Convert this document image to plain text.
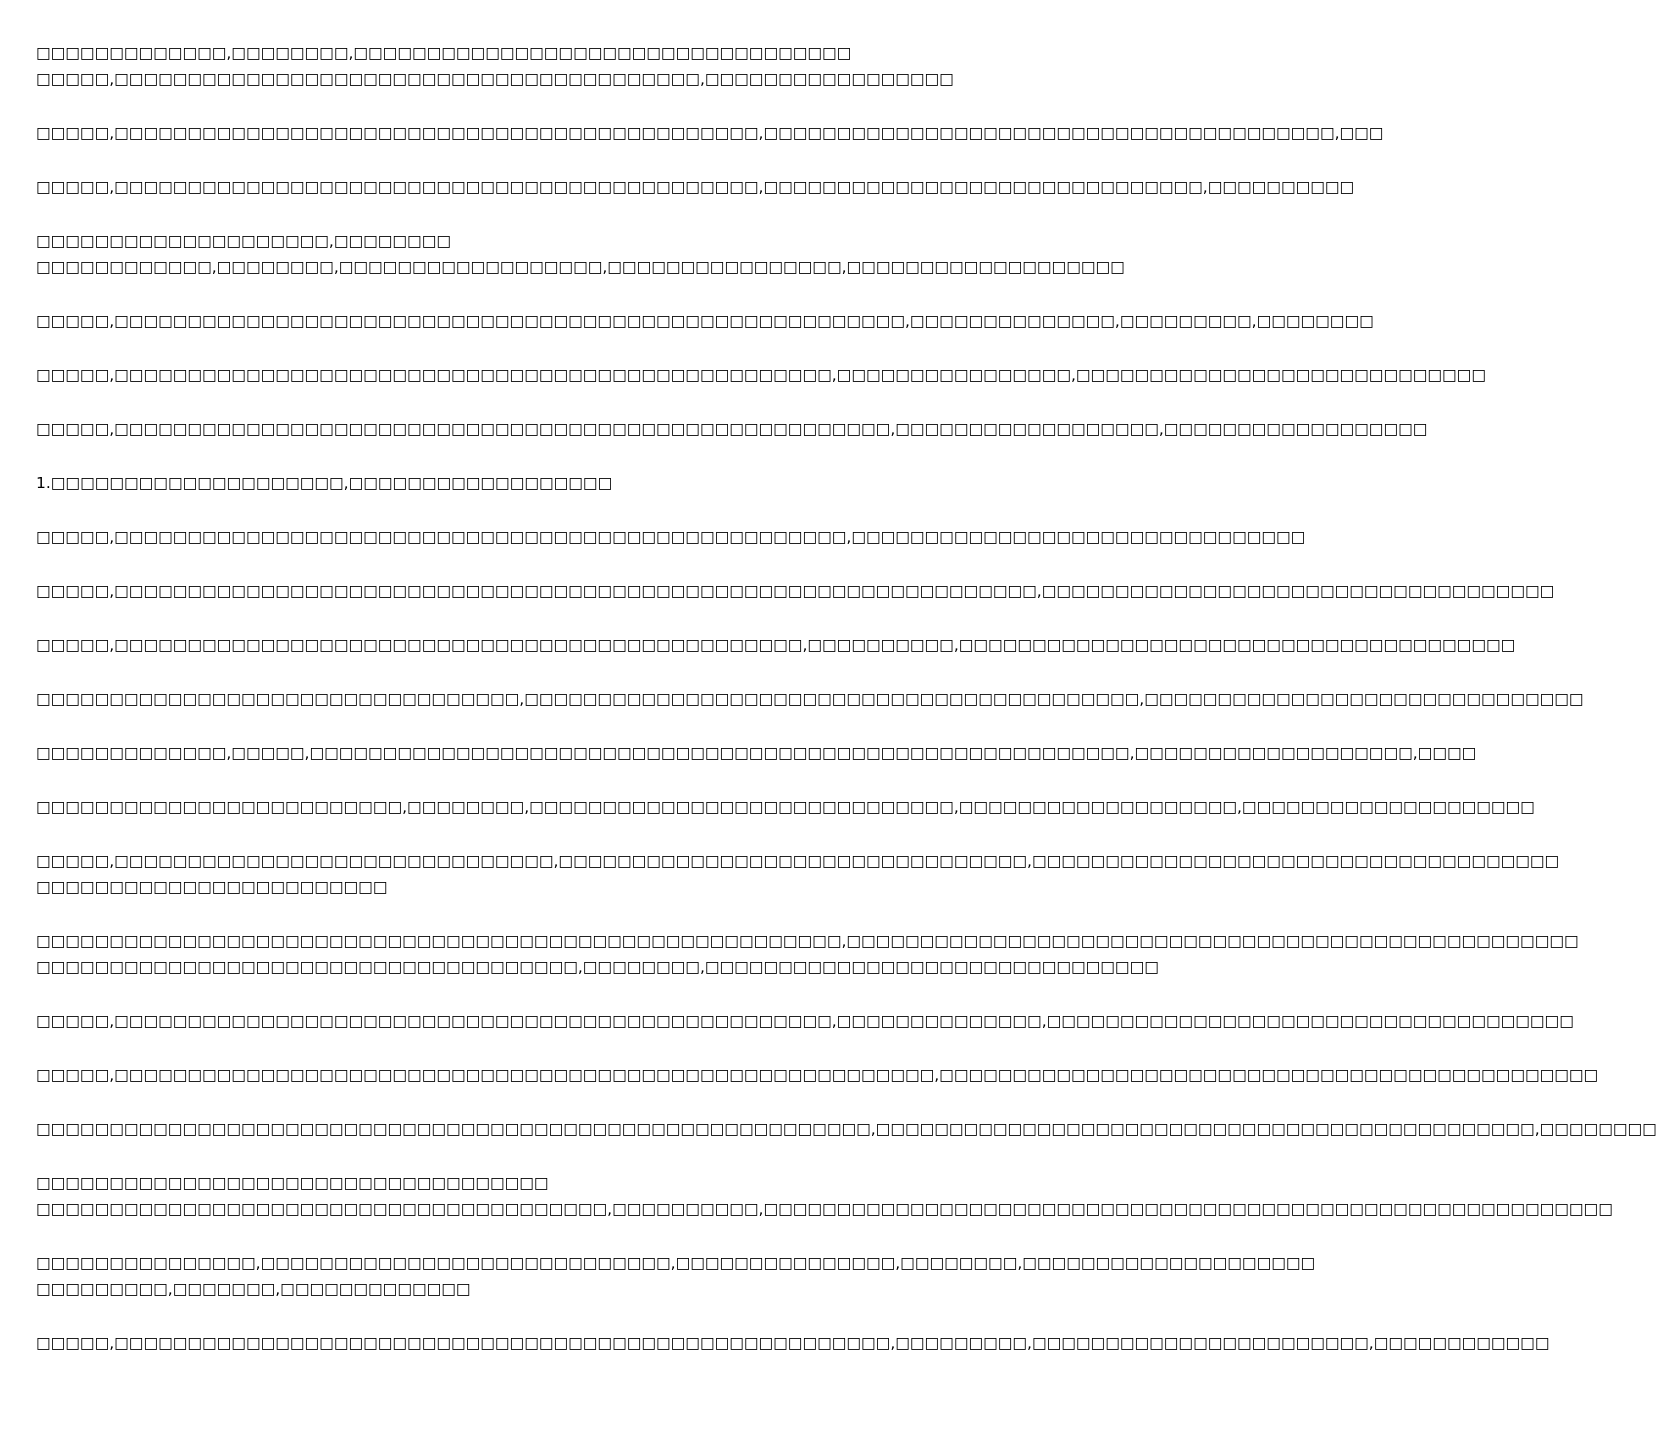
□□□□□□□□□□□□□,□□□□□□□□,□□□□□□□□□□□□□□□□□□□□□□□□□□□□□□□□□□
□□□□□,□□□□□□□□□□□□□□□□□□□□□□□□□□□□□□□□□□□□□□□□,□□□□□□□□□□□□□□□□□

□□□□□,□□□□□□□□□□□□□□□□□□□□□□□□□□□□□□□□□□□□□□□□□□□□,□□□□□□□□□□□□□□□□□□□□□□□□□□□□□□□□□□□□□□□,□□□

□□□□□,□□□□□□□□□□□□□□□□□□□□□□□□□□□□□□□□□□□□□□□□□□□□,□□□□□□□□□□□□□□□□□□□□□□□□□□□□□□,□□□□□□□□□□

□□□□□□□□□□□□□□□□□□□□,□□□□□□□□
□□□□□□□□□□□□,□□□□□□□□,□□□□□□□□□□□□□□□□□□,□□□□□□□□□□□□□□□□,□□□□□□□□□□□□□□□□□□□

□□□□□,□□□□□□□□□□□□□□□□□□□□□□□□□□□□□□□□□□□□□□□□□□□□□□□□□□□□□□,□□□□□□□□□□□□□□,□□□□□□□□□,□□□□□□□□

□□□□□,□□□□□□□□□□□□□□□□□□□□□□□□□□□□□□□□□□□□□□□□□□□□□□□□□,□□□□□□□□□□□□□□□□,□□□□□□□□□□□□□□□□□□□□□□□□□□□□

□□□□□,□□□□□□□□□□□□□□□□□□□□□□□□□□□□□□□□□□□□□□□□□□□□□□□□□□□□□,□□□□□□□□□□□□□□□□□□,□□□□□□□□□□□□□□□□□□

1.□□□□□□□□□□□□□□□□□□□□,□□□□□□□□□□□□□□□□□□

□□□□□,□□□□□□□□□□□□□□□□□□□□□□□□□□□□□□□□□□□□□□□□□□□□□□□□□□,□□□□□□□□□□□□□□□□□□□□□□□□□□□□□□□

□□□□□,□□□□□□□□□□□□□□□□□□□□□□□□□□□□□□□□□□□□□□□□□□□□□□□□□□□□□□□□□□□□□□□,□□□□□□□□□□□□□□□□□□□□□□□□□□□□□□□□□□□

□□□□□,□□□□□□□□□□□□□□□□□□□□□□□□□□□□□□□□□□□□□□□□□□□□□□□,□□□□□□□□□□,□□□□□□□□□□□□□□□□□□□□□□□□□□□□□□□□□□□□□□

□□□□□□□□□□□□□□□□□□□□□□□□□□□□□□□□□,□□□□□□□□□□□□□□□□□□□□□□□□□□□□□□□□□□□□□□□□□□,□□□□□□□□□□□□□□□□□□□□□□□□□□□□□□

□□□□□□□□□□□□□,□□□□□,□□□□□□□□□□□□□□□□□□□□□□□□□□□□□□□□□□□□□□□□□□□□□□□□□□□□□□□□,□□□□□□□□□□□□□□□□□□□,□□□□

□□□□□□□□□□□□□□□□□□□□□□□□□,□□□□□□□□,□□□□□□□□□□□□□□□□□□□□□□□□□□□□□,□□□□□□□□□□□□□□□□□□□,□□□□□□□□□□□□□□□□□□□□

□□□□□,□□□□□□□□□□□□□□□□□□□□□□□□□□□□□□,□□□□□□□□□□□□□□□□□□□□□□□□□□□□□□□□,□□□□□□□□□□□□□□□□□□□□□□□□□□□□□□□□□□□□
□□□□□□□□□□□□□□□□□□□□□□□□

□□□□□□□□□□□□□□□□□□□□□□□□□□□□□□□□□□□□□□□□□□□□□□□□□□□□□□□,□□□□□□□□□□□□□□□□□□□□□□□□□□□□□□□□□□□□□□□□□□□□□□□□□□
□□□□□□□□□□□□□□□□□□□□□□□□□□□□□□□□□□□□□,□□□□□□□□,□□□□□□□□□□□□□□□□□□□□□□□□□□□□□□□

□□□□□,□□□□□□□□□□□□□□□□□□□□□□□□□□□□□□□□□□□□□□□□□□□□□□□□□,□□□□□□□□□□□□□□,□□□□□□□□□□□□□□□□□□□□□□□□□□□□□□□□□□□□

□□□□□,□□□□□□□□□□□□□□□□□□□□□□□□□□□□□□□□□□□□□□□□□□□□□□□□□□□□□□□□,□□□□□□□□□□□□□□□□□□□□□□□□□□□□□□□□□□□□□□□□□□□□□

□□□□□□□□□□□□□□□□□□□□□□□□□□□□□□□□□□□□□□□□□□□□□□□□□□□□□□□□□,□□□□□□□□□□□□□□□□□□□□□□□□□□□□□□□□□□□□□□□□□□□□□,□□□□□□□□

□□□□□□□□□□□□□□□□□□□□□□□□□□□□□□□□□□□
□□□□□□□□□□□□□□□□□□□□□□□□□□□□□□□□□□□□□□□,□□□□□□□□□□,□□□□□□□□□□□□□□□□□□□□□□□□□□□□□□□□□□□□□□□□□□□□□□□□□□□□□□□□□□

□□□□□□□□□□□□□□□,□□□□□□□□□□□□□□□□□□□□□□□□□□□□,□□□□□□□□□□□□□□□,□□□□□□□□,□□□□□□□□□□□□□□□□□□□□
□□□□□□□□□,□□□□□□□,□□□□□□□□□□□□□

□□□□□,□□□□□□□□□□□□□□□□□□□□□□□□□□□□□□□□□□□□□□□□□□□□□□□□□□□□□,□□□□□□□□□,□□□□□□□□□□□□□□□□□□□□□□□,□□□□□□□□□□□□
